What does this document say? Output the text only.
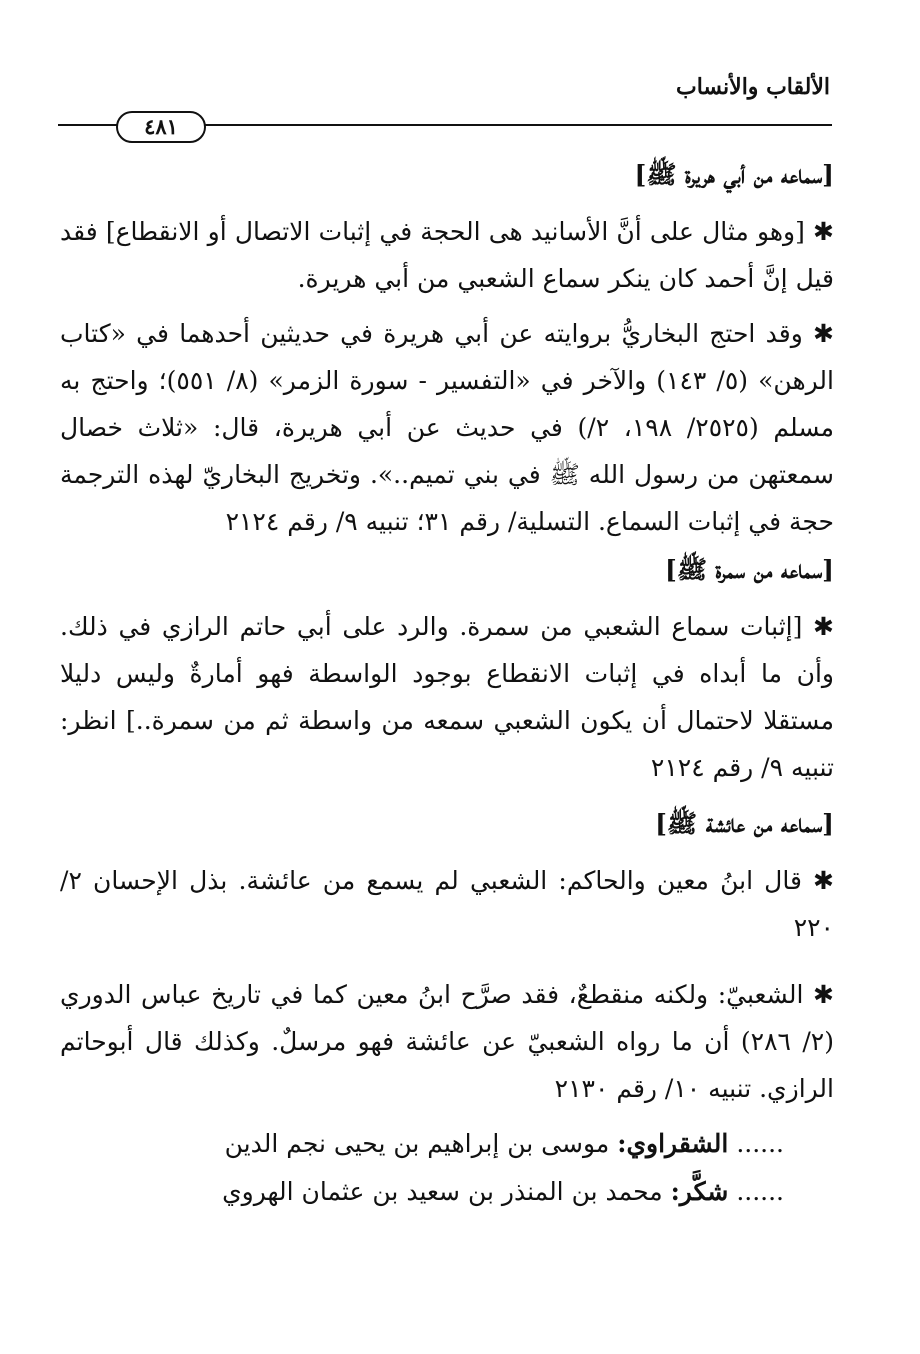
الألقاب والأنساب
٤٨١

[سماعه من أبي هريرة ﷺ]

✱ [وهو مثال على أنَّ الأسانيد هى الحجة في إثبات الاتصال أو الانقطاع] فقد قيل إنَّ أحمد كان ينكر سماع الشعبي من أبي هريرة.

✱ وقد احتج البخاريُّ بروايته عن أبي هريرة في حديثين أحدهما في «كتاب الرهن» (٥/ ١٤٣) والآخر في «التفسير - سورة الزمر» (٨/ ٥٥١)؛ واحتج به مسلم (٢٥٢٥/ ١٩٨، ٢/) في حديث عن أبي هريرة، قال: «ثلاث خصال سمعتهن من رسول الله ﷺ في بني تميم..». وتخريج البخاريّ لهذه الترجمة حجة في إثبات السماع. التسلية/ رقم ٣١؛ تنبيه ٩/ رقم ٢١٢٤

[سماعه من سمرة ﷺ]

✱ [إثبات سماع الشعبي من سمرة. والرد على أبي حاتم الرازي في ذلك. وأن ما أبداه في إثبات الانقطاع بوجود الواسطة فهو أمارةٌ وليس دليلا مستقلا لاحتمال أن يكون الشعبي سمعه من واسطة ثم من سمرة..] انظر: تنبيه ٩/ رقم ٢١٢٤

[سماعه من عائشة ﷺ]

✱ قال ابنُ معين والحاكم: الشعبي لم يسمع من عائشة. بذل الإحسان ٢/ ٢٢٠

✱ الشعبيّ: ولكنه منقطعٌ، فقد صرَّح ابنُ معين كما في تاريخ عباس الدوري (٢/ ٢٨٦) أن ما رواه الشعبيّ عن عائشة فهو مرسلٌ. وكذلك قال أبوحاتم الرازي. تنبيه ١٠/ رقم ٢١٣٠

...... الشقراوي: موسى بن إبراهيم بن يحيى نجم الدين

...... شكَّر: محمد بن المنذر بن سعيد بن عثمان الهروي
